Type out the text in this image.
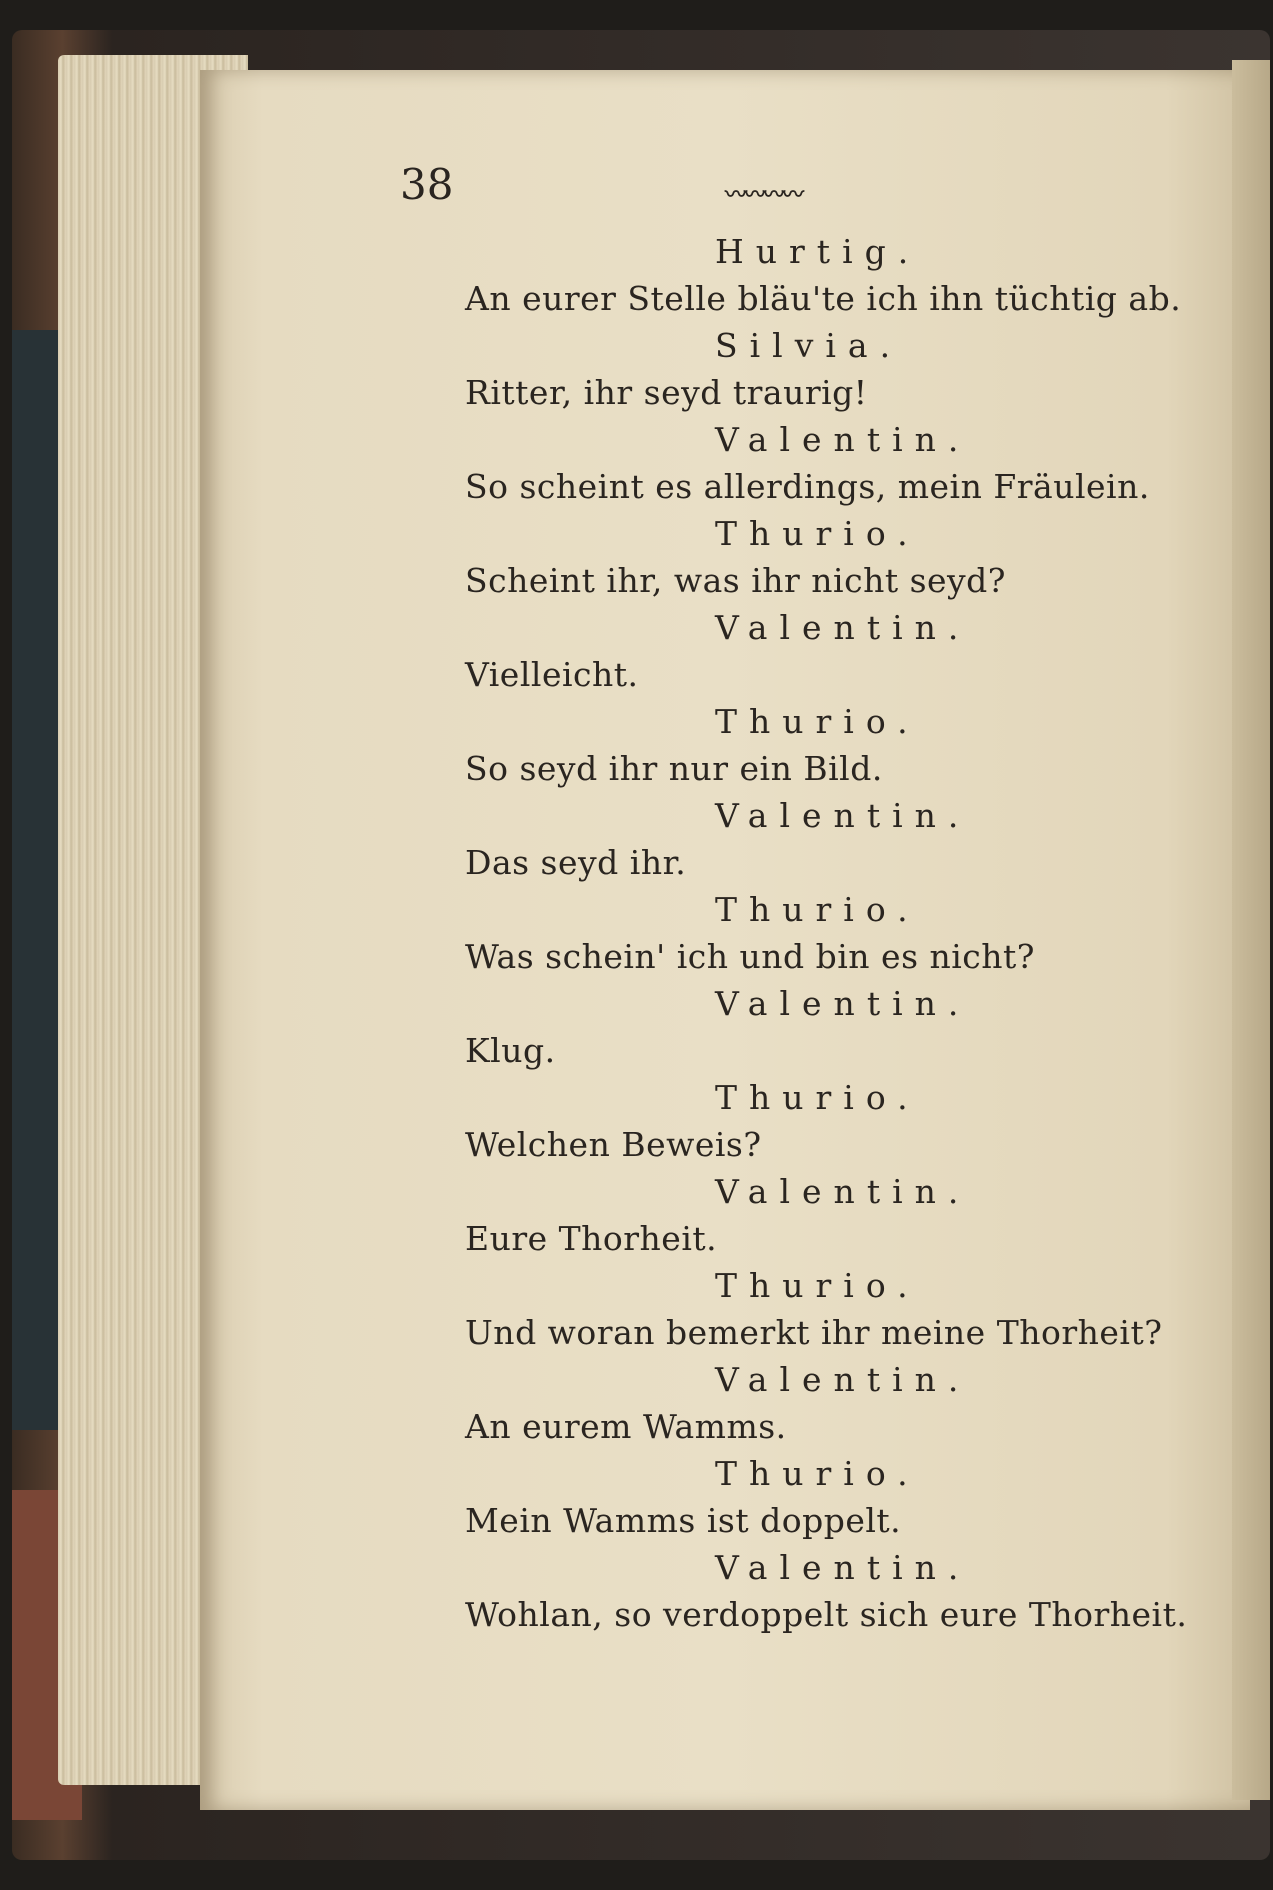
38	〰〰〰〰
Hurtig.
An eurer Stelle bläu'te ich ihn tüchtig ab.
Silvia.
Ritter, ihr seyd traurig!
Valentin.
So scheint es allerdings, mein Fräulein.
Thurio.
Scheint ihr, was ihr nicht seyd?
Valentin.
Vielleicht.
Thurio.
So seyd ihr nur ein Bild.
Valentin.
Das seyd ihr.
Thurio.
Was schein' ich und bin es nicht?
Valentin.
Klug.
Thurio.
Welchen Beweis?
Valentin.
Eure Thorheit.
Thurio.
Und woran bemerkt ihr meine Thorheit?
Valentin.
An eurem Wamms.
Thurio.
Mein Wamms ist doppelt.
Valentin.
Wohlan, so verdoppelt sich eure Thorheit.
